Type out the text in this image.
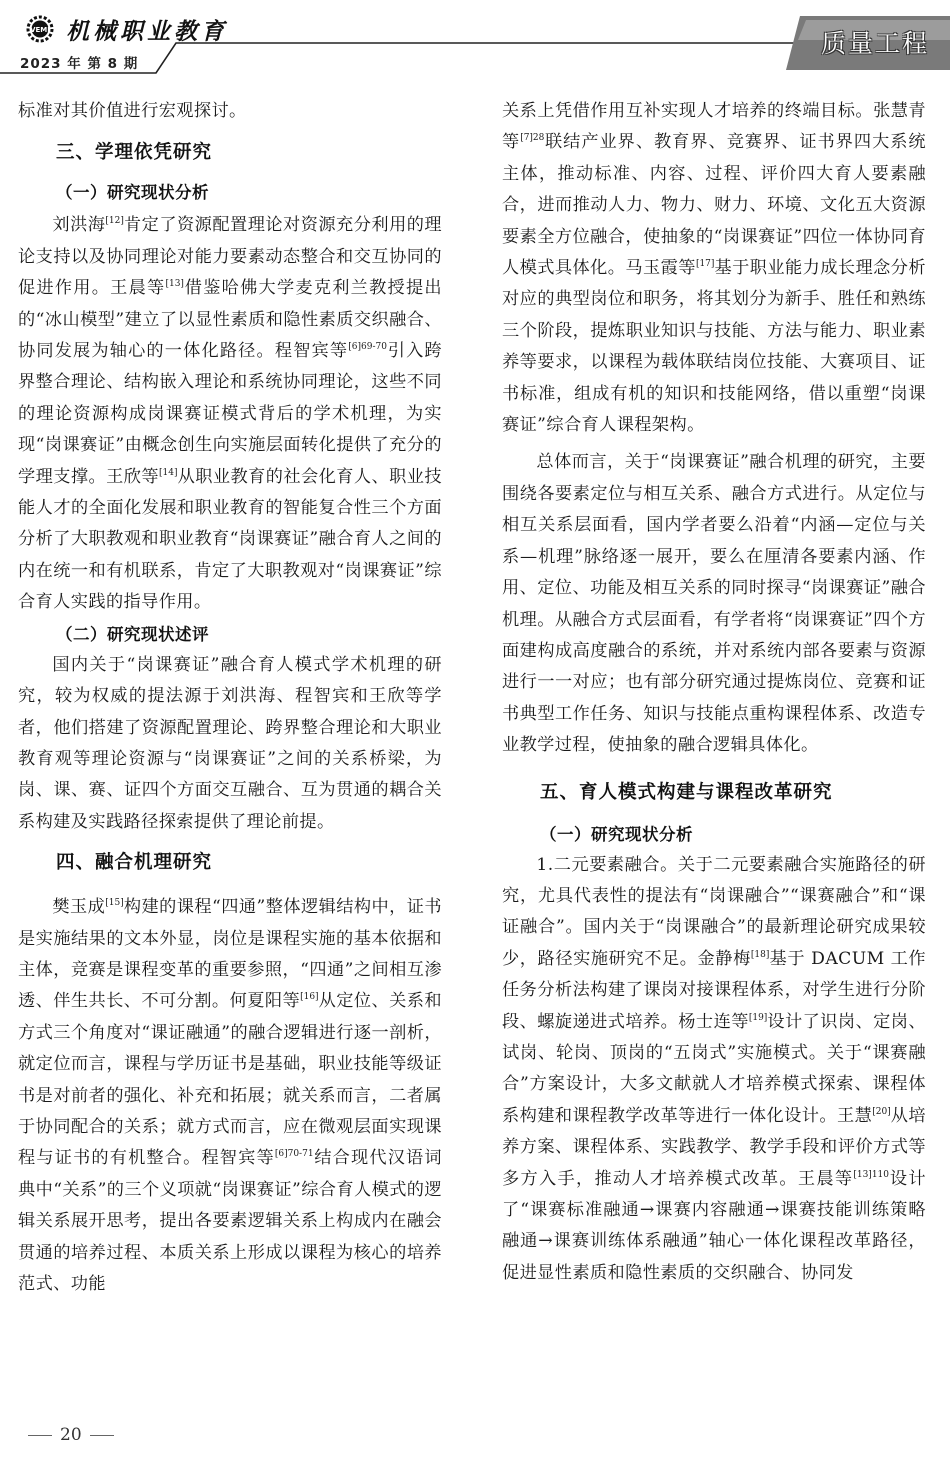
VEMI 机械职业教育
2023 年 第 8 期
质量工程

标准对其价值进行宏观探讨。

三、学理依凭研究
（一）研究现状分析

刘洪海[12]肯定了资源配置理论对资源充分利用的理论支持以及协同理论对能力要素动态整合和交互协同的促进作用。王晨等[13]借鉴哈佛大学麦克利兰教授提出的“冰山模型”建立了以显性素质和隐性素质交织融合、协同发展为轴心的一体化路径。程智宾等$^{[6]69-70}$引入跨界整合理论、结构嵌入理论和系统协同理论，这些不同的理论资源构成岗课赛证模式背后的学术机理，为实现“岗课赛证”由概念创生向实施层面转化提供了充分的学理支撑。王欣等[14]从职业教育的社会化育人、职业技能人才的全面化发展和职业教育的智能复合性三个方面分析了大职教观和职业教育“岗课赛证”融合育人之间的内在统一和有机联系，肯定了大职教观对“岗课赛证”综合育人实践的指导作用。

（二）研究现状述评

国内关于“岗课赛证”融合育人模式学术机理的研究，较为权威的提法源于刘洪海、程智宾和王欣等学者，他们搭建了资源配置理论、跨界整合理论和大职业教育观等理论资源与“岗课赛证”之间的关系桥梁，为岗、课、赛、证四个方面交互融合、互为贯通的耦合关系构建及实践路径探索提供了理论前提。

四、融合机理研究

樊玉成[15]构建的课程“四通”整体逻辑结构中，证书是实施结果的文本外显，岗位是课程实施的基本依据和主体，竞赛是课程变革的重要参照，“四通”之间相互渗透、伴生共长、不可分割。何夏阳等[16]从定位、关系和方式三个角度对“课证融通”的融合逻辑进行逐一剖析，就定位而言，课程与学历证书是基础，职业技能等级证书是对前者的强化、补充和拓展；就关系而言，二者属于协同配合的关系；就方式而言，应在微观层面实现课程与证书的有机整合。程智宾等$^{[6]70-71}$结合现代汉语词典中“关系”的三个义项就“岗课赛证”综合育人模式的逻辑关系展开思考，提出各要素逻辑关系上构成内在融会贯通的培养过程、本质关系上形成以课程为核心的培养范式、功能

关系上凭借作用互补实现人才培养的终端目标。张慧青等$^{[7]28}$联结产业界、教育界、竞赛界、证书界四大系统主体，推动标准、内容、过程、评价四大育人要素融合，进而推动人力、物力、财力、环境、文化五大资源要素全方位融合，使抽象的“岗课赛证”四位一体协同育人模式具体化。马玉霞等[17]基于职业能力成长理念分析对应的典型岗位和职务，将其划分为新手、胜任和熟练三个阶段，提炼职业知识与技能、方法与能力、职业素养等要求，以课程为载体联结岗位技能、大赛项目、证书标准，组成有机的知识和技能网络，借以重塑“岗课赛证”综合育人课程架构。

总体而言，关于“岗课赛证”融合机理的研究，主要围绕各要素定位与相互关系、融合方式进行。从定位与相互关系层面看，国内学者要么沿着“内涵—定位与关系—机理”脉络逐一展开，要么在厘清各要素内涵、作用、定位、功能及相互关系的同时探寻“岗课赛证”融合机理。从融合方式层面看，有学者将“岗课赛证”四个方面建构成高度融合的系统，并对系统内部各要素与资源进行一一对应；也有部分研究通过提炼岗位、竞赛和证书典型工作任务、知识与技能点重构课程体系、改造专业教学过程，使抽象的融合逻辑具体化。

五、育人模式构建与课程改革研究
（一）研究现状分析

1.二元要素融合。关于二元要素融合实施路径的研究，尤具代表性的提法有“岗课融合”“课赛融合”和“课证融合”。国内关于“岗课融合”的最新理论研究成果较少，路径实施研究不足。金静梅[18]基于 DACUM 工作任务分析法构建了课岗对接课程体系，对学生进行分阶段、螺旋递进式培养。杨士连等[19]设计了识岗、定岗、试岗、轮岗、顶岗的“五岗式”实施模式。关于“课赛融合”方案设计，大多文献就人才培养模式探索、课程体系构建和课程教学改革等进行一体化设计。王慧[20]从培养方案、课程体系、实践教学、教学手段和评价方式等多方入手，推动人才培养模式改革。王晨等$^{[13]110}$设计了“课赛标准融通→课赛内容融通→课赛技能训练策略融通→课赛训练体系融通”轴心一体化课程改革路径，促进显性素质和隐性素质的交织融合、协同发

20
